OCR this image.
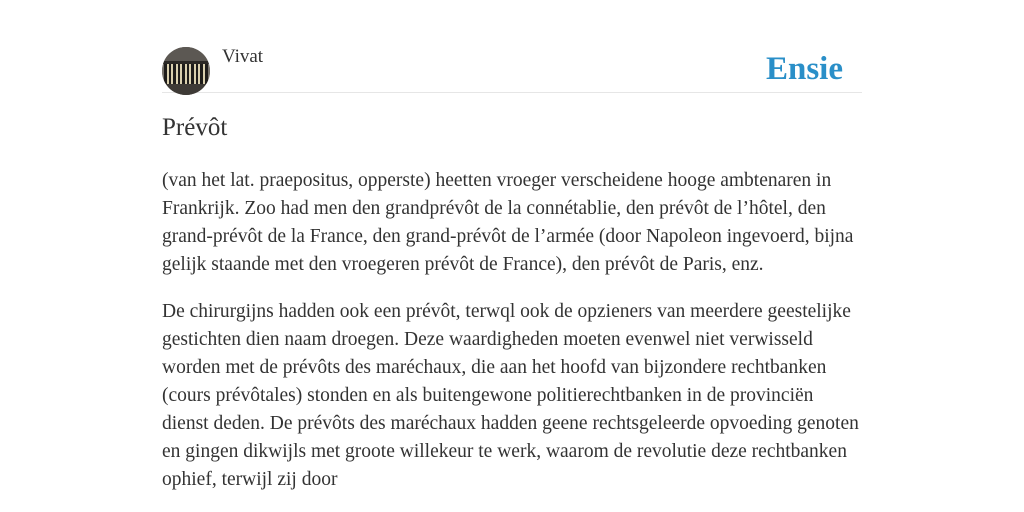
Vivat	Ensie
Prévôt

(van het lat. praepositus, opperste) heetten vroeger verscheidene hooge ambtenaren in Frankrijk. Zoo had men den grandprévôt de la connétablie, den prévôt de l’hôtel, den grand-prévôt de la France, den grand-prévôt de l’armée (door Napoleon ingevoerd, bijna gelijk staande met den vroegeren prévôt de France), den prévôt de Paris, enz.

De chirurgijns hadden ook een prévôt, terwql ook de opzieners van meerdere geestelijke gestichten dien naam droegen. Deze waardigheden moeten evenwel niet verwisseld worden met de prévôts des maréchaux, die aan het hoofd van bijzondere rechtbanken (cours prévôtales) stonden en als buitengewone politierechtbanken in de provinciën dienst deden. De prévôts des maréchaux hadden geene rechtsgeleerde opvoeding genoten en gingen dikwijls met groote willekeur te werk, waarom de revolutie deze rechtbanken ophief, terwijl zij door
